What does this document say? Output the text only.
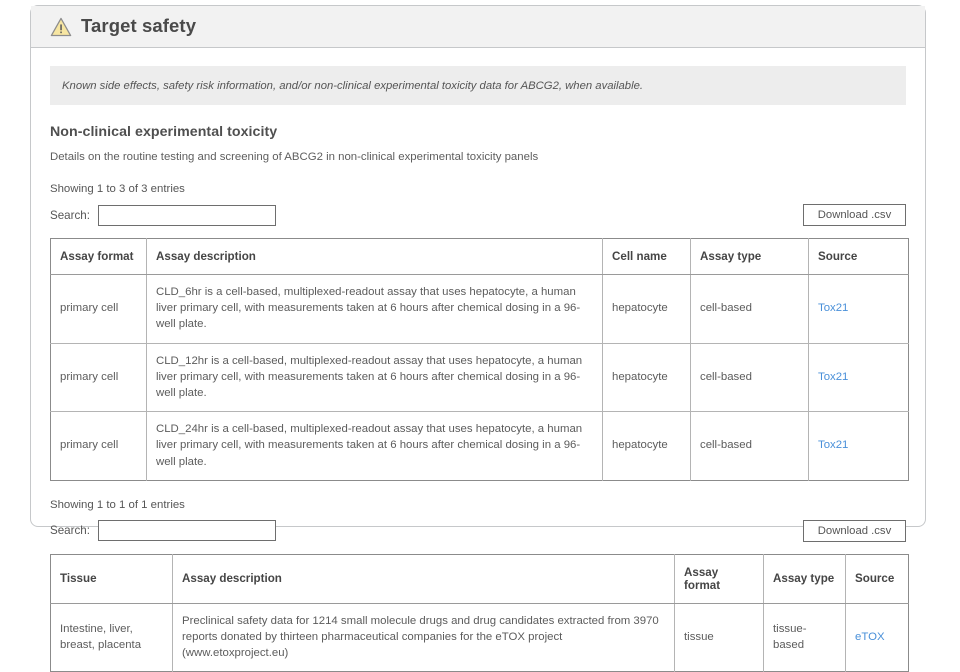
Target safety
Known side effects, safety risk information, and/or non-clinical experimental toxicity data for ABCG2, when available.
Non-clinical experimental toxicity
Details on the routine testing and screening of ABCG2 in non-clinical experimental toxicity panels
Showing 1 to 3 of 3 entries
Search:	Download .csv
Assay format	Assay description	Cell name	Assay type	Source
primary cell	CLD_6hr is a cell-based, multiplexed-readout assay that uses hepatocyte, a human liver primary cell, with measurements taken at 6 hours after chemical dosing in a 96-well plate.	hepatocyte	cell-based	Tox21
primary cell	CLD_12hr is a cell-based, multiplexed-readout assay that uses hepatocyte, a human liver primary cell, with measurements taken at 6 hours after chemical dosing in a 96-well plate.	hepatocyte	cell-based	Tox21
primary cell	CLD_24hr is a cell-based, multiplexed-readout assay that uses hepatocyte, a human liver primary cell, with measurements taken at 6 hours after chemical dosing in a 96-well plate.	hepatocyte	cell-based	Tox21
Showing 1 to 1 of 1 entries
Search:	Download .csv
Tissue	Assay description	Assay format	Assay type	Source
Intestine, liver, breast, placenta	Preclinical safety data for 1214 small molecule drugs and drug candidates extracted from 3970 reports donated by thirteen pharmaceutical companies for the eTOX project (www.etoxproject.eu)	tissue	tissue-based	eTOX
